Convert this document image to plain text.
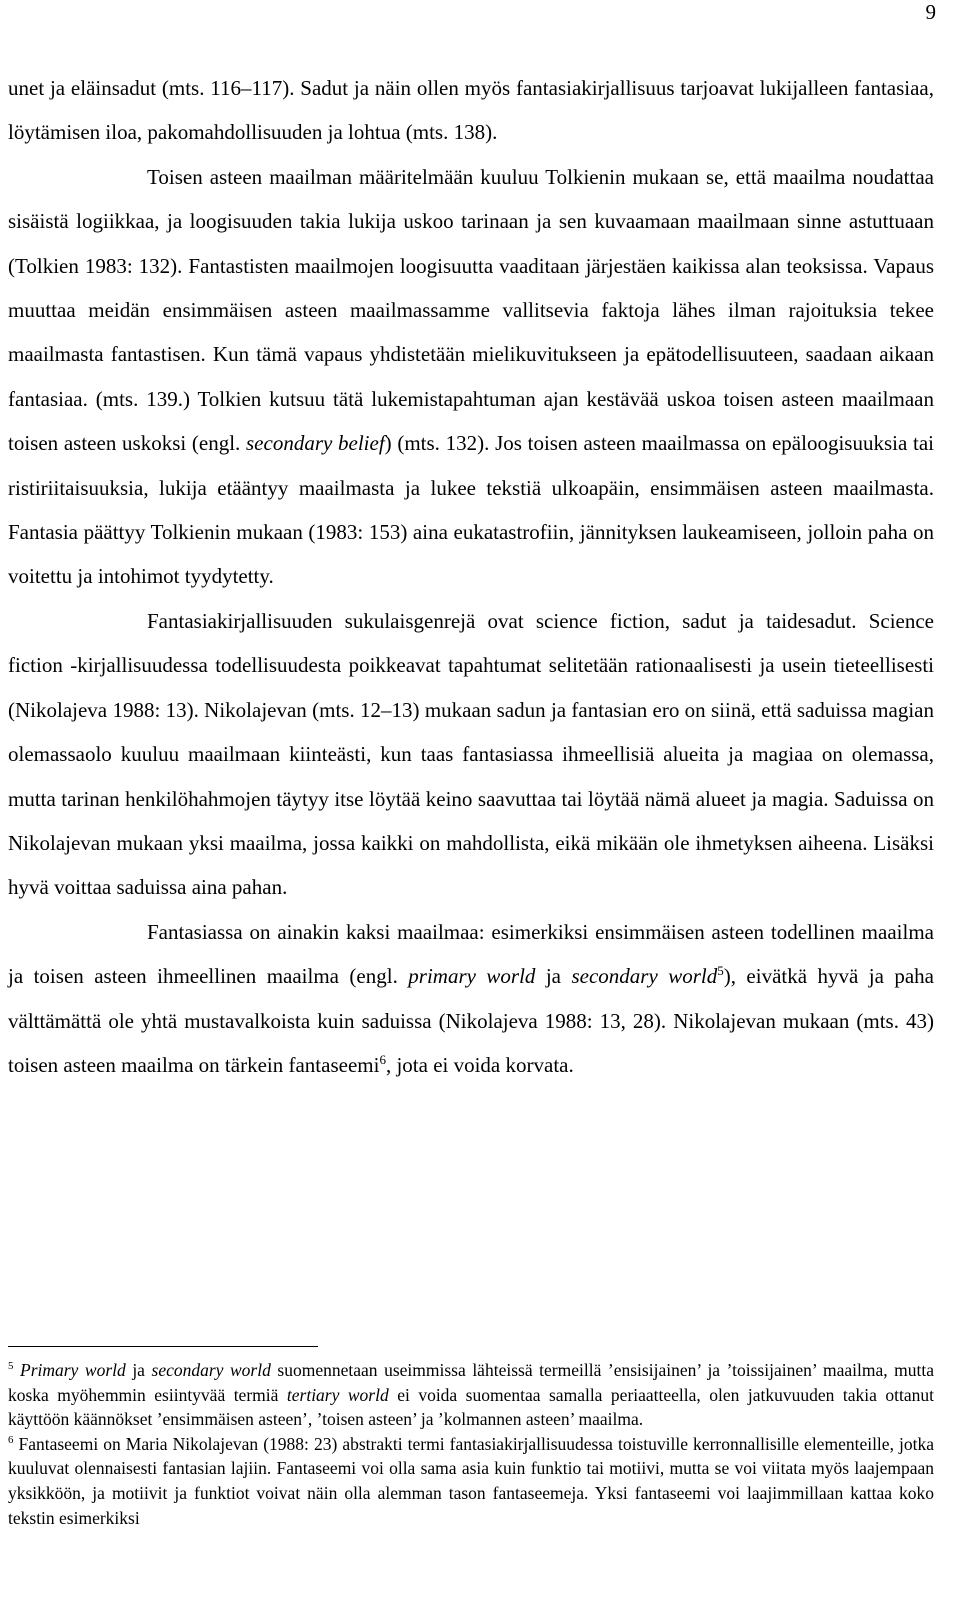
9

unet ja eläinsadut (mts. 116–117). Sadut ja näin ollen myös fantasiakirjallisuus tarjoavat lukijalleen fantasiaa, löytämisen iloa, pakomahdollisuuden ja lohtua (mts. 138).

Toisen asteen maailman määritelmään kuuluu Tolkienin mukaan se, että maailma noudattaa sisäistä logiikkaa, ja loogisuuden takia lukija uskoo tarinaan ja sen kuvaamaan maailmaan sinne astuttuaan (Tolkien 1983: 132). Fantastisten maailmojen loogisuutta vaaditaan järjestäen kaikissa alan teoksissa. Vapaus muuttaa meidän ensimmäisen asteen maailmassamme vallitsevia faktoja lähes ilman rajoituksia tekee maailmasta fantastisen. Kun tämä vapaus yhdistetään mielikuvitukseen ja epätodellisuuteen, saadaan aikaan fantasiaa. (mts. 139.) Tolkien kutsuu tätä lukemistapahtuman ajan kestävää uskoa toisen asteen maailmaan toisen asteen uskoksi (engl. secondary belief) (mts. 132). Jos toisen asteen maailmassa on epäloogisuuksia tai ristiriitaisuuksia, lukija etääntyy maailmasta ja lukee tekstiä ulkoapäin, ensimmäisen asteen maailmasta. Fantasia päättyy Tolkienin mukaan (1983: 153) aina eukatastrofiin, jännityksen laukeamiseen, jolloin paha on voitettu ja intohimot tyydytetty.

Fantasiakirjallisuuden sukulaisgenrejä ovat science fiction, sadut ja taidesadut. Science fiction -kirjallisuudessa todellisuudesta poikkeavat tapahtumat selitetään rationaalisesti ja usein tieteellisesti (Nikolajeva 1988: 13). Nikolajevan (mts. 12–13) mukaan sadun ja fantasian ero on siinä, että saduissa magian olemassaolo kuuluu maailmaan kiinteästi, kun taas fantasiassa ihmeellisiä alueita ja magiaa on olemassa, mutta tarinan henkilöhahmojen täytyy itse löytää keino saavuttaa tai löytää nämä alueet ja magia. Saduissa on Nikolajevan mukaan yksi maailma, jossa kaikki on mahdollista, eikä mikään ole ihmetyksen aiheena. Lisäksi hyvä voittaa saduissa aina pahan.

Fantasiassa on ainakin kaksi maailmaa: esimerkiksi ensimmäisen asteen todellinen maailma ja toisen asteen ihmeellinen maailma (engl. primary world ja secondary world$^5$), eivätkä hyvä ja paha välttämättä ole yhtä mustavalkoista kuin saduissa (Nikolajeva 1988: 13, 28). Nikolajevan mukaan (mts. 43) toisen asteen maailma on tärkein fantaseemi$^6$, jota ei voida korvata.

$^5$ Primary world ja secondary world suomennetaan useimmissa lähteissä termeillä ’ensisijainen’ ja ’toissijainen’ maailma, mutta koska myöhemmin esiintyvää termiä tertiary world ei voida suomentaa samalla periaatteella, olen jatkuvuuden takia ottanut käyttöön käännökset ’ensimmäisen asteen’, ’toisen asteen’ ja ’kolmannen asteen’ maailma.

$^6$ Fantaseemi on Maria Nikolajevan (1988: 23) abstrakti termi fantasiakirjallisuudessa toistuville kerronnallisille elementeille, jotka kuuluvat olennaisesti fantasian lajiin. Fantaseemi voi olla sama asia kuin funktio tai motiivi, mutta se voi viitata myös laajempaan yksikköön, ja motiivit ja funktiot voivat näin olla alemman tason fantaseemeja. Yksi fantaseemi voi laajimmillaan kattaa koko tekstin esimerkiksi
